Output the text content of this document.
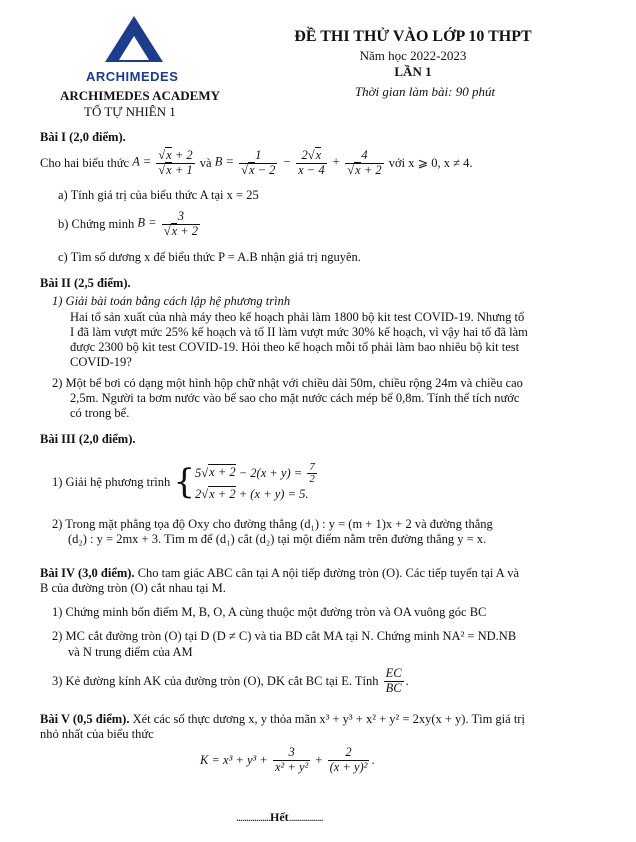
ARCHIMEDES
ARCHIMEDES ACADEMY
TỔ TỰ NHIÊN 1
ĐỀ THI THỬ VÀO LỚP 10 THPT
Năm học 2022-2023
LẦN 1
Thời gian làm bài: 90 phút
Bài I (2,0 điểm).
Cho hai biểu thức
$A = \frac{√x + 2}{√x + 1}$
và
$B = \frac{1}{√x - 2} - \frac{2√x}{x - 4} + \frac{4}{√x + 2}$
với x ⩾ 0, x ≠ 4.
a) Tính giá trị của biểu thức A tại x = 25
b) Chứng minh
$B = \frac{3}{√x + 2}$
c) Tìm số dương x để biểu thức P = A.B nhận giá trị nguyên.
Bài II (2,5 điểm).
1) Giải bài toán bằng cách lập hệ phương trình
Hai tổ sản xuất của nhà máy theo kế hoạch phải làm 1800 bộ kit test COVID-19. Nhưng tổ
I đã làm vượt mức 25% kế hoạch và tổ II làm vượt mức 30% kế hoạch, vì vậy hai tổ đã làm
được 2300 bộ kit test COVID-19. Hỏi theo kế hoạch mỗi tổ phải làm bao nhiêu bộ kit test
COVID-19?
2) Một bể bơi có dạng một hình hộp chữ nhật với chiều dài 50m, chiều rộng 24m và chiều cao
2,5m. Người ta bơm nước vào bể sao cho mặt nước cách mép bể 0,8m. Tính thể tích nước
có trong bể.
Bài III (2,0 điểm).
1) Giải hệ phương trình
{ $5√x + 2 - 2(x + y) = \frac{7}{2}$
2√x + 2 + (x + y) = 5.
2) Trong mặt phẳng tọa độ Oxy cho đường thẳng (d₁) : y = (m + 1)x + 2 và đường thẳng
(d₂) : y = 2mx + 3. Tìm m để (d₁) cắt (d₂) tại một điểm nằm trên đường thẳng y = x.
Bài IV (3,0 điểm). Cho tam giác ABC cân tại A nội tiếp đường tròn (O). Các tiếp tuyến tại A và
B của đường tròn (O) cắt nhau tại M.
1) Chứng minh bốn điểm M, B, O, A cùng thuộc một đường tròn và OA vuông góc BC
2) MC cắt đường tròn (O) tại D (D ≠ C) và tia BD cắt MA tại N. Chứng minh NA² = ND.NB
và N trung điểm của AM
3) Kẻ đường kính AK của đường tròn (O), DK cắt BC tại E. Tính
$\frac{EC}{BC}$ .
Bài V (0,5 điểm). Xét các số thực dương x, y thỏa mãn x³ + y³ + x² + y² = 2xy(x + y). Tìm giá trị
nhỏ nhất của biểu thức
K = x³ + y³ +
$\frac{3}{\text{x² + y²}} + \frac{2}{\text{(x + y)²}}$ .
.................Hết.................
